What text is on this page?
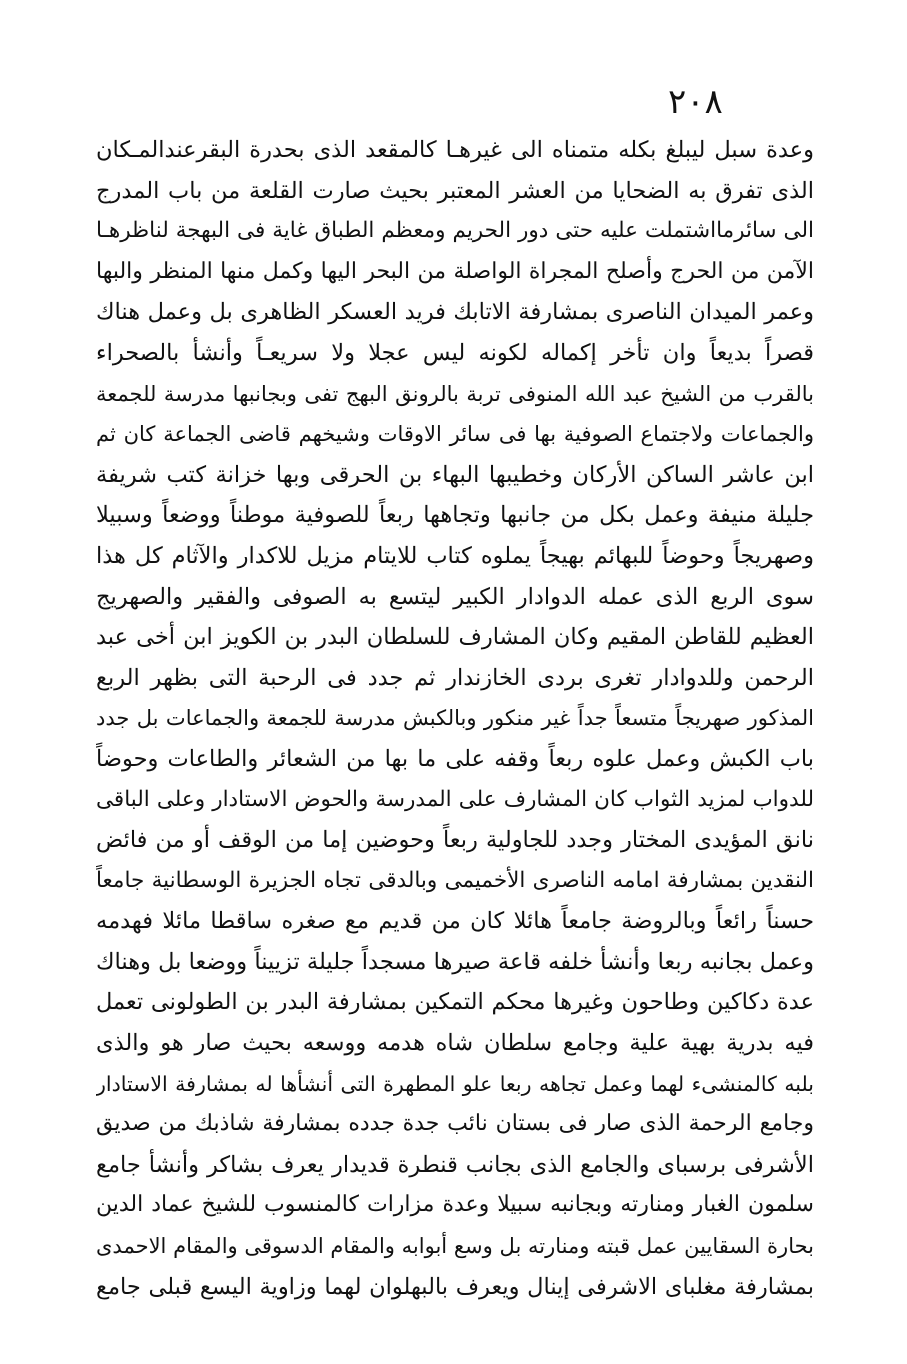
٢٠٨
وعدة سبل ليبلغ بكله متمناه الى غيرهـا كالمقعد الذى بحدرة البقرعندالمـكان
الذى تفرق به الضحايا من العشر المعتبر بحيث صارت القلعة من باب المدرج
الى سائرمااشتملت عليه حتى دور الحريم ومعظم الطباق غاية فى البهجة لناظرهـا
الآمن من الحرج وأصلح المجراة الواصلة من البحر اليها وكمل منها المنظر والبها
وعمر الميدان الناصرى بمشارفة الاتابك فريد العسكر الظاهرى بل وعمل هناك
قصراً بديعاً وان تأخر إكماله لكونه ليس عجلا ولا سريعـاً وأنشأ بالصحراء
بالقرب من الشيخ عبد الله المنوفى تربة بالرونق البهج تفى وبجانبها مدرسة للجمعة
والجماعات ولاجتماع الصوفية بها فى سائر الاوقات وشيخهم قاضى الجماعة كان ثم
ابن عاشر الساكن الأركان وخطيبها البهاء بن الحرقى وبها خزانة كتب شريفة
جليلة منيفة وعمل بكل من جانبها وتجاهها ربعاً للصوفية موطناً ووضعاً وسبيلا
وصهريجاً وحوضاً للبهائم بهيجاً يملوه كتاب للايتام مزيل للاكدار والآثام كل هذا
سوى الربع الذى عمله الدوادار الكبير ليتسع به الصوفى والفقير والصهريج
العظيم للقاطن المقيم وكان المشارف للسلطان البدر بن الكويز ابن أخى عبد
الرحمن وللدوادار تغرى بردى الخازندار ثم جدد فى الرحبة التى بظهر الربع
المذكور صهريجاً متسعاً جداً غير منكور وبالكبش مدرسة للجمعة والجماعات بل جدد
باب الكبش وعمل علوه ربعاً وقفه على ما بها من الشعائر والطاعات وحوضاً
للدواب لمزيد الثواب كان المشارف على المدرسة والحوض الاستادار وعلى الباقى
نانق المؤيدى المختار وجدد للجاولية ربعاً وحوضين إما من الوقف أو من فائض
النقدين بمشارفة امامه الناصرى الأخميمى وبالدقى تجاه الجزيرة الوسطانية جامعاً
حسناً رائعاً وبالروضة جامعاً هائلا كان من قديم مع صغره ساقطا مائلا فهدمه
وعمل بجانبه ربعا وأنشأ خلفه قاعة صيرها مسجداً جليلة تزييناً ووضعا بل وهناك
عدة دكاكين وطاحون وغيرها محكم التمكين بمشارفة البدر بن الطولونى تعمل
فيه بدرية بهية علية وجامع سلطان شاه هدمه ووسعه بحيث صار هو والذى
بلبه كالمنشىء لهما وعمل تجاهه ربعا علو المطهرة التى أنشأها له بمشارفة الاستادار
وجامع الرحمة الذى صار فى بستان نائب جدة جدده بمشارفة شاذبك من صديق
الأشرفى برسباى والجامع الذى بجانب قنطرة قديدار يعرف بشاكر وأنشأ جامع
سلمون الغبار ومنارته وبجانبه سبيلا وعدة مزارات كالمنسوب للشيخ عماد الدين
بحارة السقايين عمل قبته ومنارته بل وسع أبوابه والمقام الدسوقى والمقام الاحمدى
بمشارفة مغلباى الاشرفى إينال ويعرف بالبهلوان لهما وزاوية اليسع قبلى جامع
